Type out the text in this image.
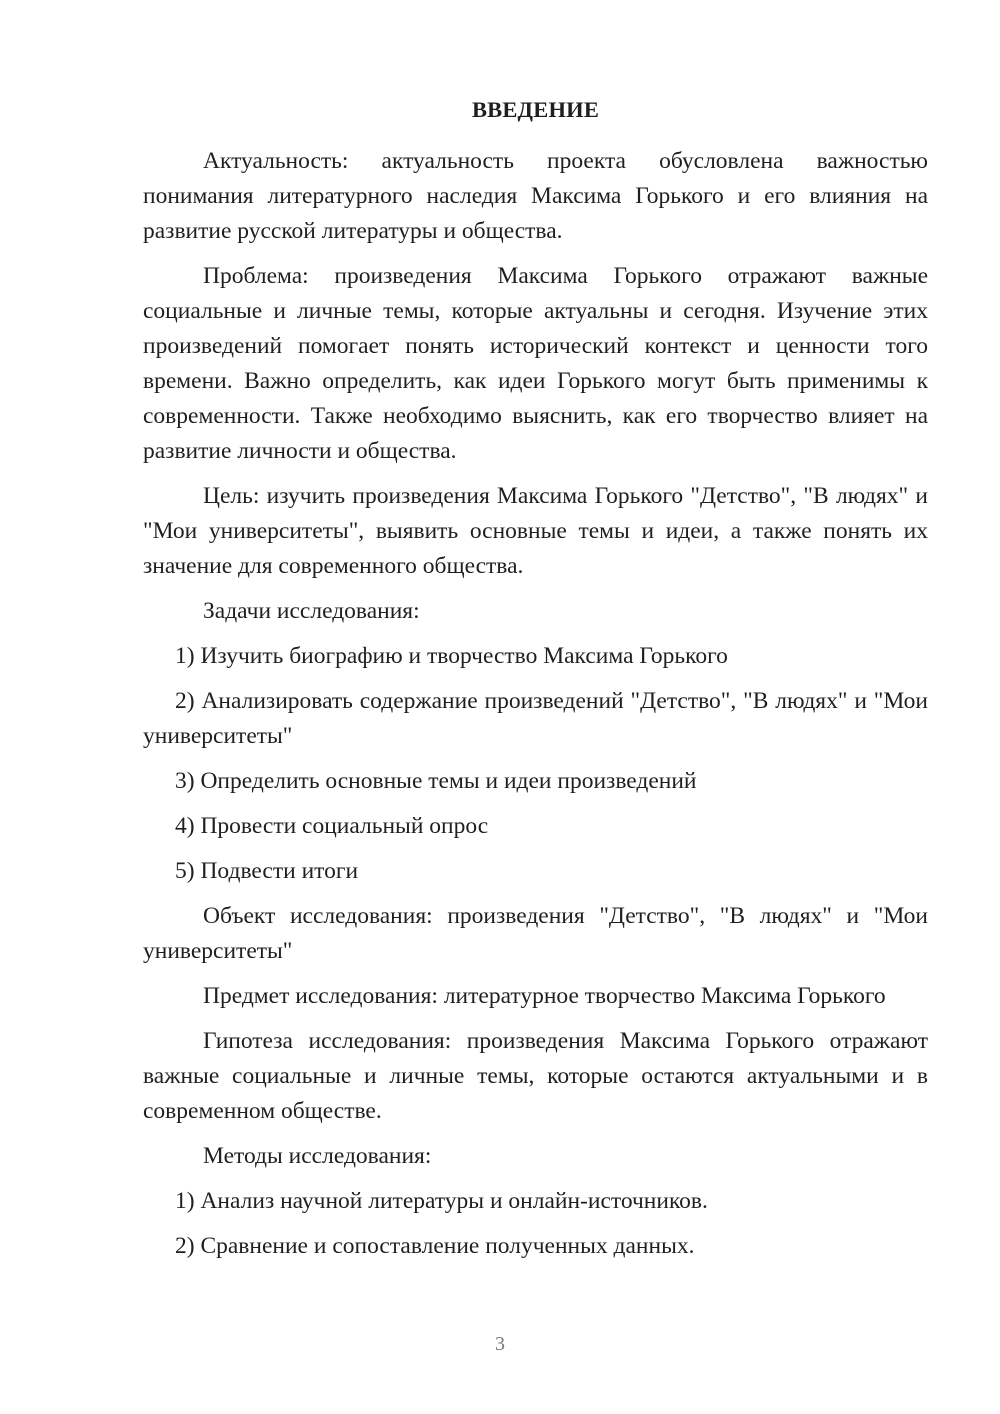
ВВЕДЕНИЕ

Актуальность: актуальность проекта обусловлена важностью понимания литературного наследия Максима Горького и его влияния на развитие русской литературы и общества.

Проблема: произведения Максима Горького отражают важные социальные и личные темы, которые актуальны и сегодня. Изучение этих произведений помогает понять исторический контекст и ценности того времени. Важно определить, как идеи Горького могут быть применимы к современности. Также необходимо выяснить, как его творчество влияет на развитие личности и общества.

Цель: изучить произведения Максима Горького "Детство", "В людях" и "Мои университеты", выявить основные темы и идеи, а также понять их значение для современного общества.

Задачи исследования:

1) Изучить биографию и творчество Максима Горького

2) Анализировать содержание произведений "Детство", "В людях" и "Мои университеты"

3) Определить основные темы и идеи произведений

4) Провести социальный опрос

5) Подвести итоги

Объект исследования: произведения "Детство", "В людях" и "Мои университеты"

Предмет исследования: литературное творчество Максима Горького

Гипотеза исследования: произведения Максима Горького отражают важные социальные и личные темы, которые остаются актуальными и в современном обществе.

Методы исследования:

1) Анализ научной литературы и онлайн-источников.

2) Сравнение и сопоставление полученных данных.

3
